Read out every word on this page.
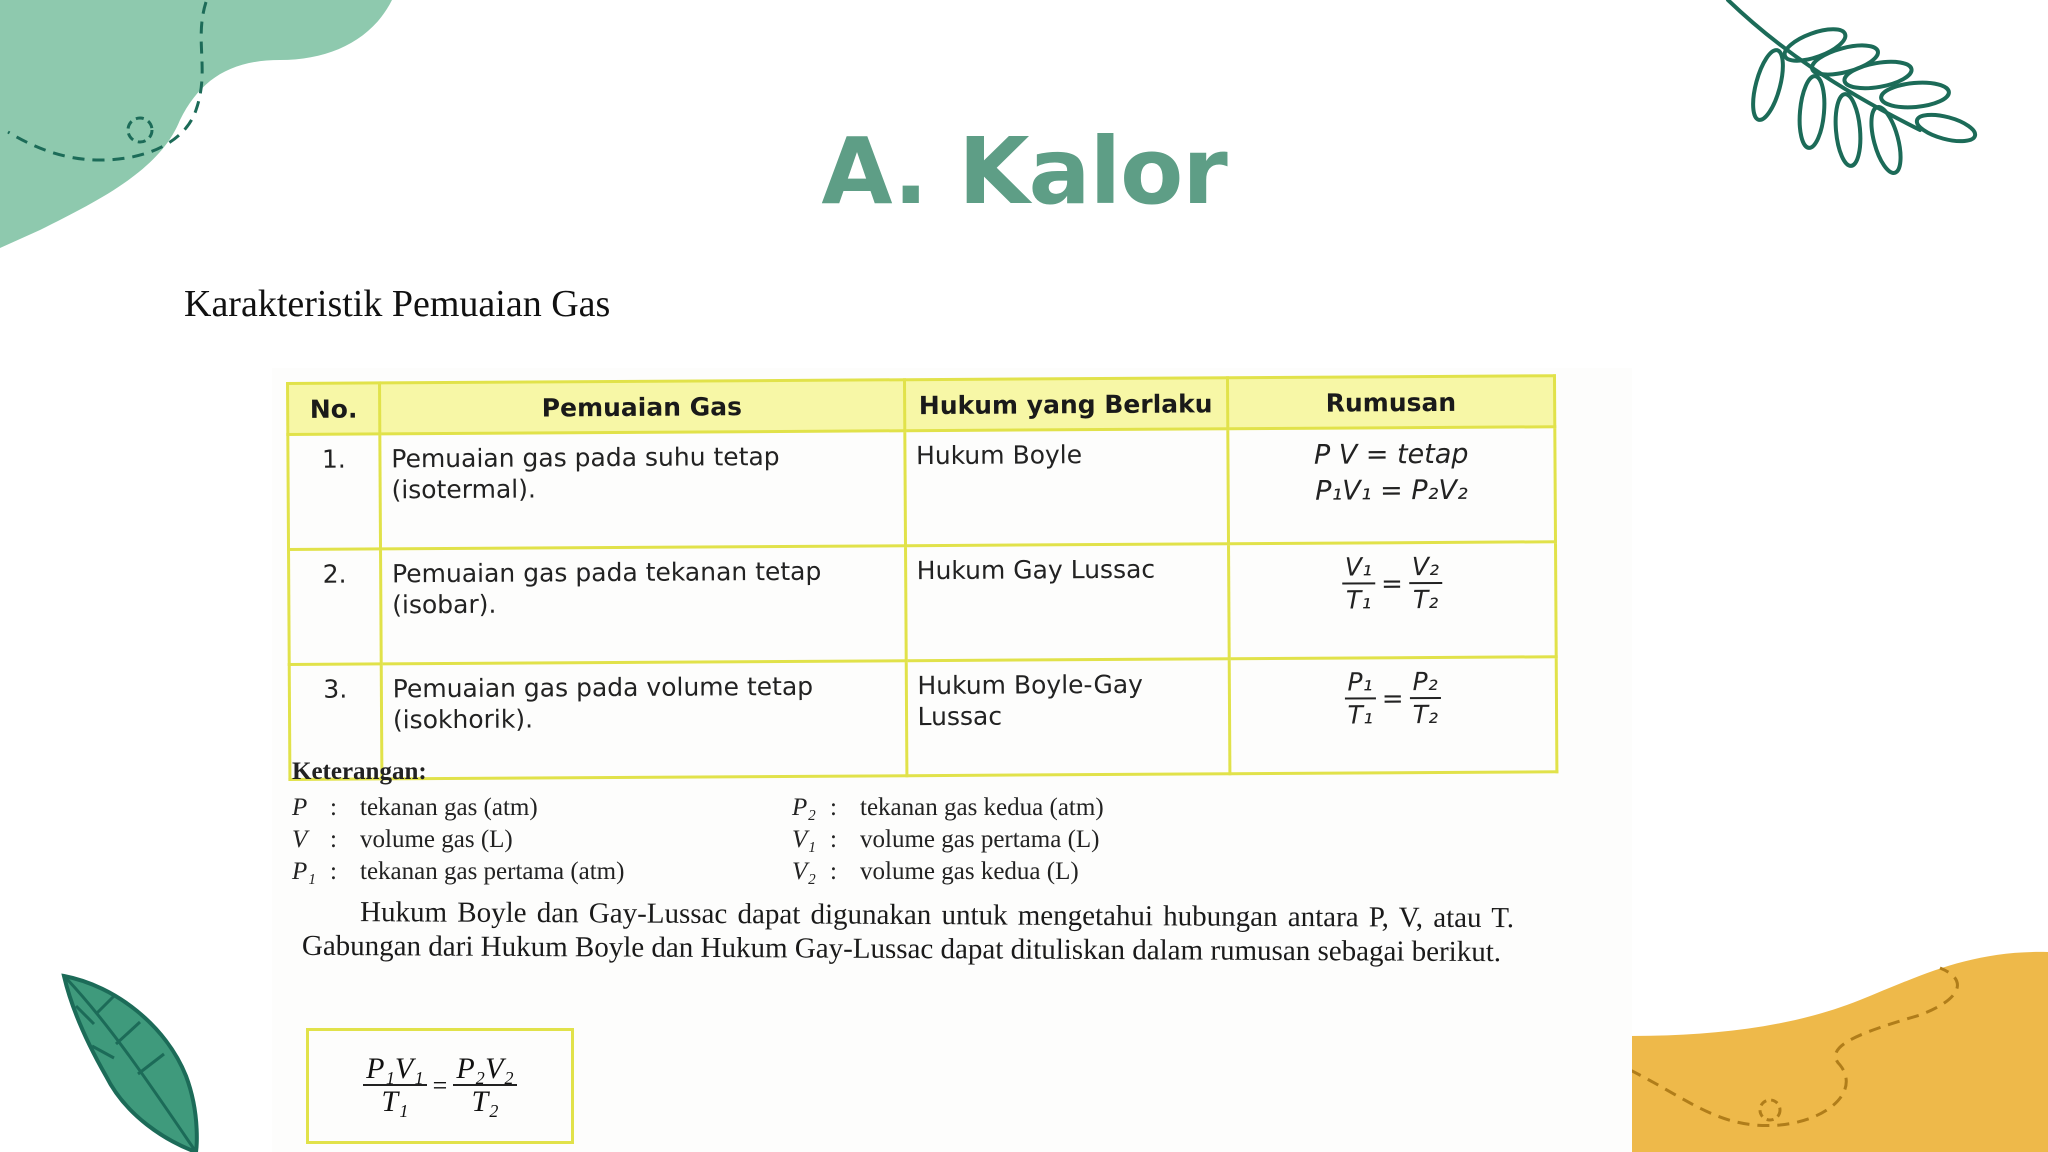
A. Kalor
Karakteristik Pemuaian Gas
No.	Pemuaian Gas	Hukum yang Berlaku	Rumusan
1.	Pemuaian gas pada suhu tetap (isotermal).	Hukum Boyle	P V = tetap
P₁V₁ = P₂V₂

2.	Pemuaian gas pada tekanan tetap (isobar).	Hukum Gay Lussac	$\frac{\text{V₁}}{\text{T₁}} = \frac{\text{V₂}}{\text{T₂}}$

3.	Pemuaian gas pada volume tetap (isokhorik).	Hukum Boyle-Gay Lussac	$\frac{\text{P₁}}{\text{T₁}} = \frac{\text{P₂}}{\text{T₂}}$
Keterangan:
P : tekanan gas (atm)
V : volume gas (L)
P₁ : tekanan gas pertama (atm)
P₂ : tekanan gas kedua (atm)
V₁ : volume gas pertama (L)
V₂ : volume gas kedua (L)
Hukum Boyle dan Gay-Lussac dapat digunakan untuk mengetahui hubungan antara P, V, atau T. Gabungan dari Hukum Boyle dan Hukum Gay-Lussac dapat dituliskan dalam rumusan sebagai berikut.
$\frac{\text{P₁V₁}}{\text{T₁}} = \frac{\text{P₂V₂}}{\text{T₂}}$
